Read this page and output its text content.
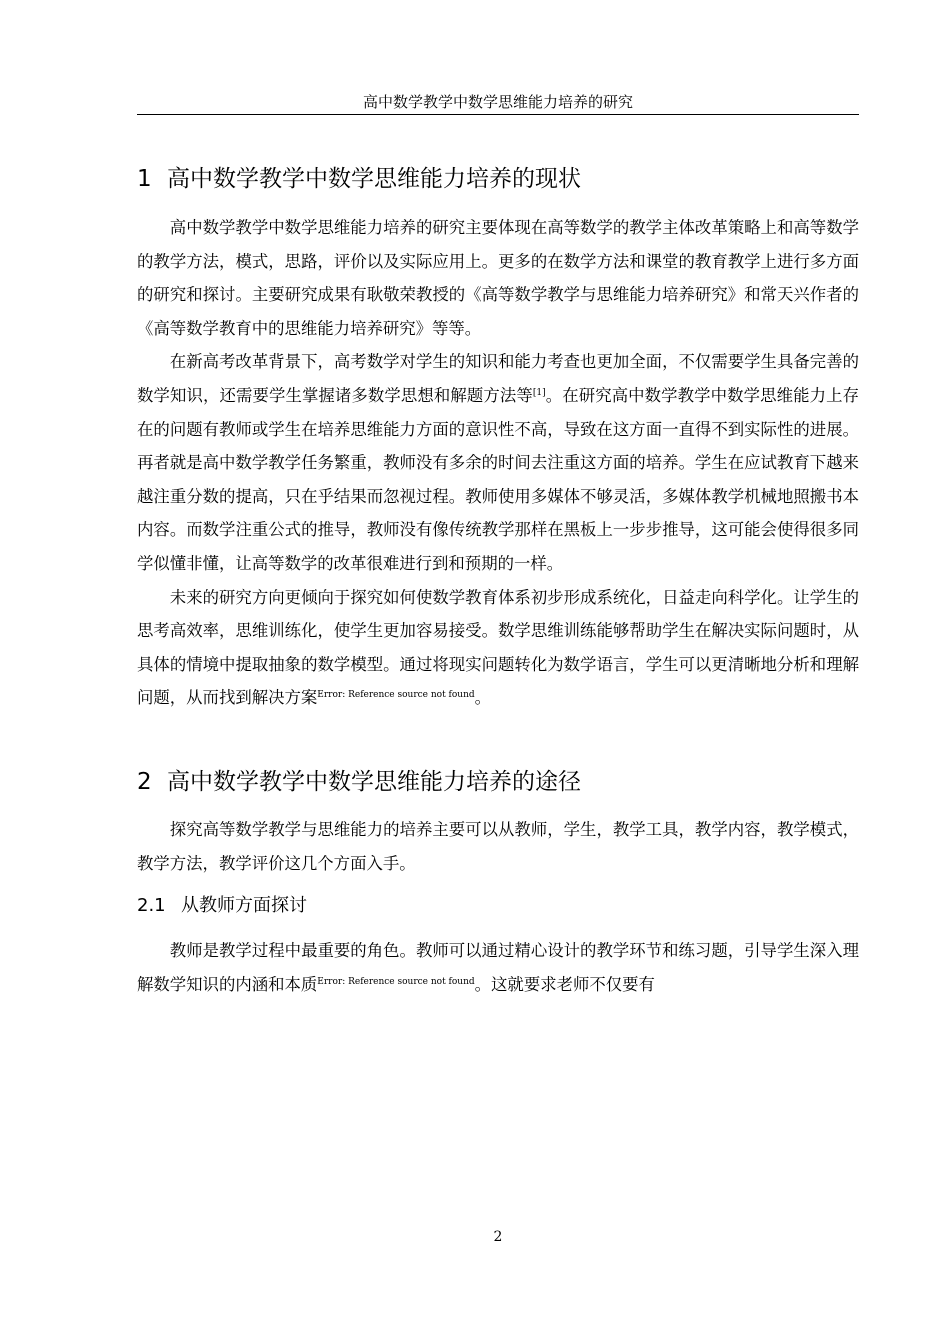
高中数学教学中数学思维能力培养的研究
1 高中数学教学中数学思维能力培养的现状

高中数学教学中数学思维能力培养的研究主要体现在高等数学的教学主体改革策略上和高等数学的教学方法，模式，思路，评价以及实际应用上。更多的在数学方法和课堂的教育教学上进行多方面的研究和探讨。主要研究成果有耿敬荣教授的《高等数学教学与思维能力培养研究》和常天兴作者的《高等数学教育中的思维能力培养研究》等等。

在新高考改革背景下，高考数学对学生的知识和能力考查也更加全面，不仅需要学生具备完善的数学知识，还需要学生掌握诸多数学思想和解题方法等[1]。在研究高中数学教学中数学思维能力上存在的问题有教师或学生在培养思维能力方面的意识性不高，导致在这方面一直得不到实际性的进展。再者就是高中数学教学任务繁重，教师没有多余的时间去注重这方面的培养。学生在应试教育下越来越注重分数的提高，只在乎结果而忽视过程。教师使用多媒体不够灵活，多媒体教学机械地照搬书本内容。而数学注重公式的推导，教师没有像传统教学那样在黑板上一步步推导，这可能会使得很多同学似懂非懂，让高等数学的改革很难进行到和预期的一样。

未来的研究方向更倾向于探究如何使数学教育体系初步形成系统化，日益走向科学化。让学生的思考高效率，思维训练化，使学生更加容易接受。数学思维训练能够帮助学生在解决实际问题时，从具体的情境中提取抽象的数学模型。通过将现实问题转化为数学语言，学生可以更清晰地分析和理解问题，从而找到解决方案$^{Error: Reference source not found}$。

2 高中数学教学中数学思维能力培养的途径

探究高等数学教学与思维能力的培养主要可以从教师，学生，教学工具，教学内容，教学模式，教学方法，教学评价这几个方面入手。

2.1 从教师方面探讨

教师是教学过程中最重要的角色。教师可以通过精心设计的教学环节和练习题，引导学生深入理解数学知识的内涵和本质$^{Error: Reference source not found}$。这就要求老师不仅要有

2
